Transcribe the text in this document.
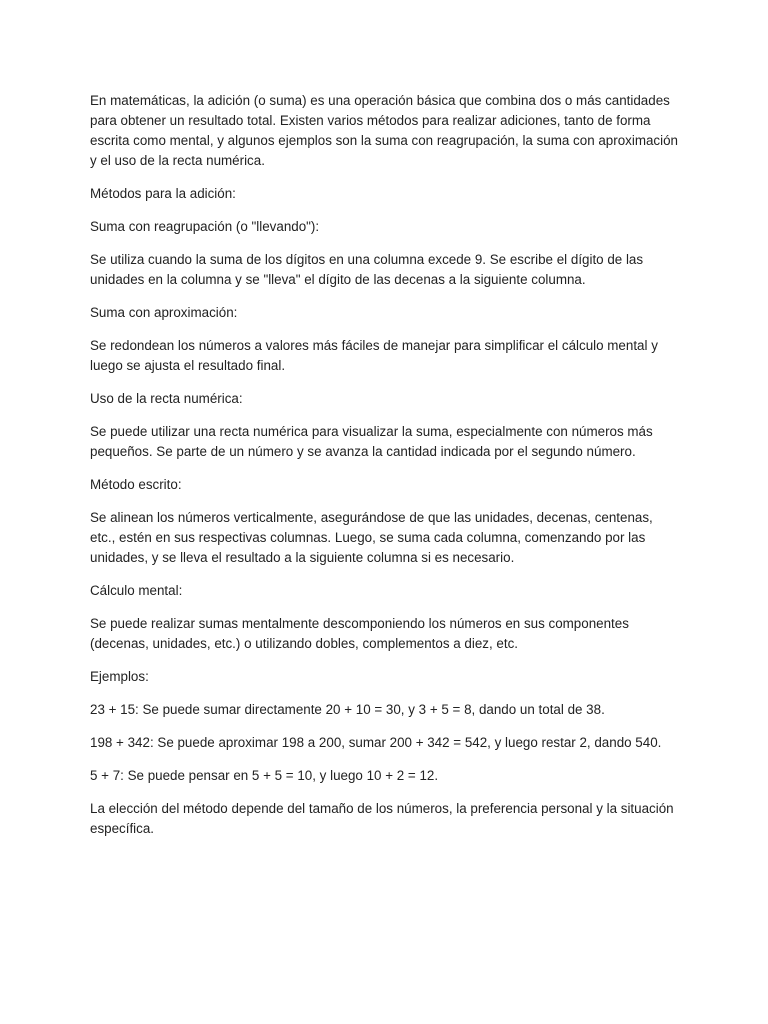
En matemáticas, la adición (o suma) es una operación básica que combina dos o más cantidades para obtener un resultado total. Existen varios métodos para realizar adiciones, tanto de forma escrita como mental, y algunos ejemplos son la suma con reagrupación, la suma con aproximación y el uso de la recta numérica.

Métodos para la adición:

Suma con reagrupación (o "llevando"):

Se utiliza cuando la suma de los dígitos en una columna excede 9. Se escribe el dígito de las unidades en la columna y se "lleva" el dígito de las decenas a la siguiente columna.

Suma con aproximación:

Se redondean los números a valores más fáciles de manejar para simplificar el cálculo mental y luego se ajusta el resultado final.

Uso de la recta numérica:

Se puede utilizar una recta numérica para visualizar la suma, especialmente con números más pequeños. Se parte de un número y se avanza la cantidad indicada por el segundo número.

Método escrito:

Se alinean los números verticalmente, asegurándose de que las unidades, decenas, centenas, etc., estén en sus respectivas columnas. Luego, se suma cada columna, comenzando por las unidades, y se lleva el resultado a la siguiente columna si es necesario.

Cálculo mental:

Se puede realizar sumas mentalmente descomponiendo los números en sus componentes (decenas, unidades, etc.) o utilizando dobles, complementos a diez, etc.

Ejemplos:

23 + 15: Se puede sumar directamente 20 + 10 = 30, y 3 + 5 = 8, dando un total de 38.

198 + 342: Se puede aproximar 198 a 200, sumar 200 + 342 = 542, y luego restar 2, dando 540.

5 + 7: Se puede pensar en 5 + 5 = 10, y luego 10 + 2 = 12.

La elección del método depende del tamaño de los números, la preferencia personal y la situación específica.
